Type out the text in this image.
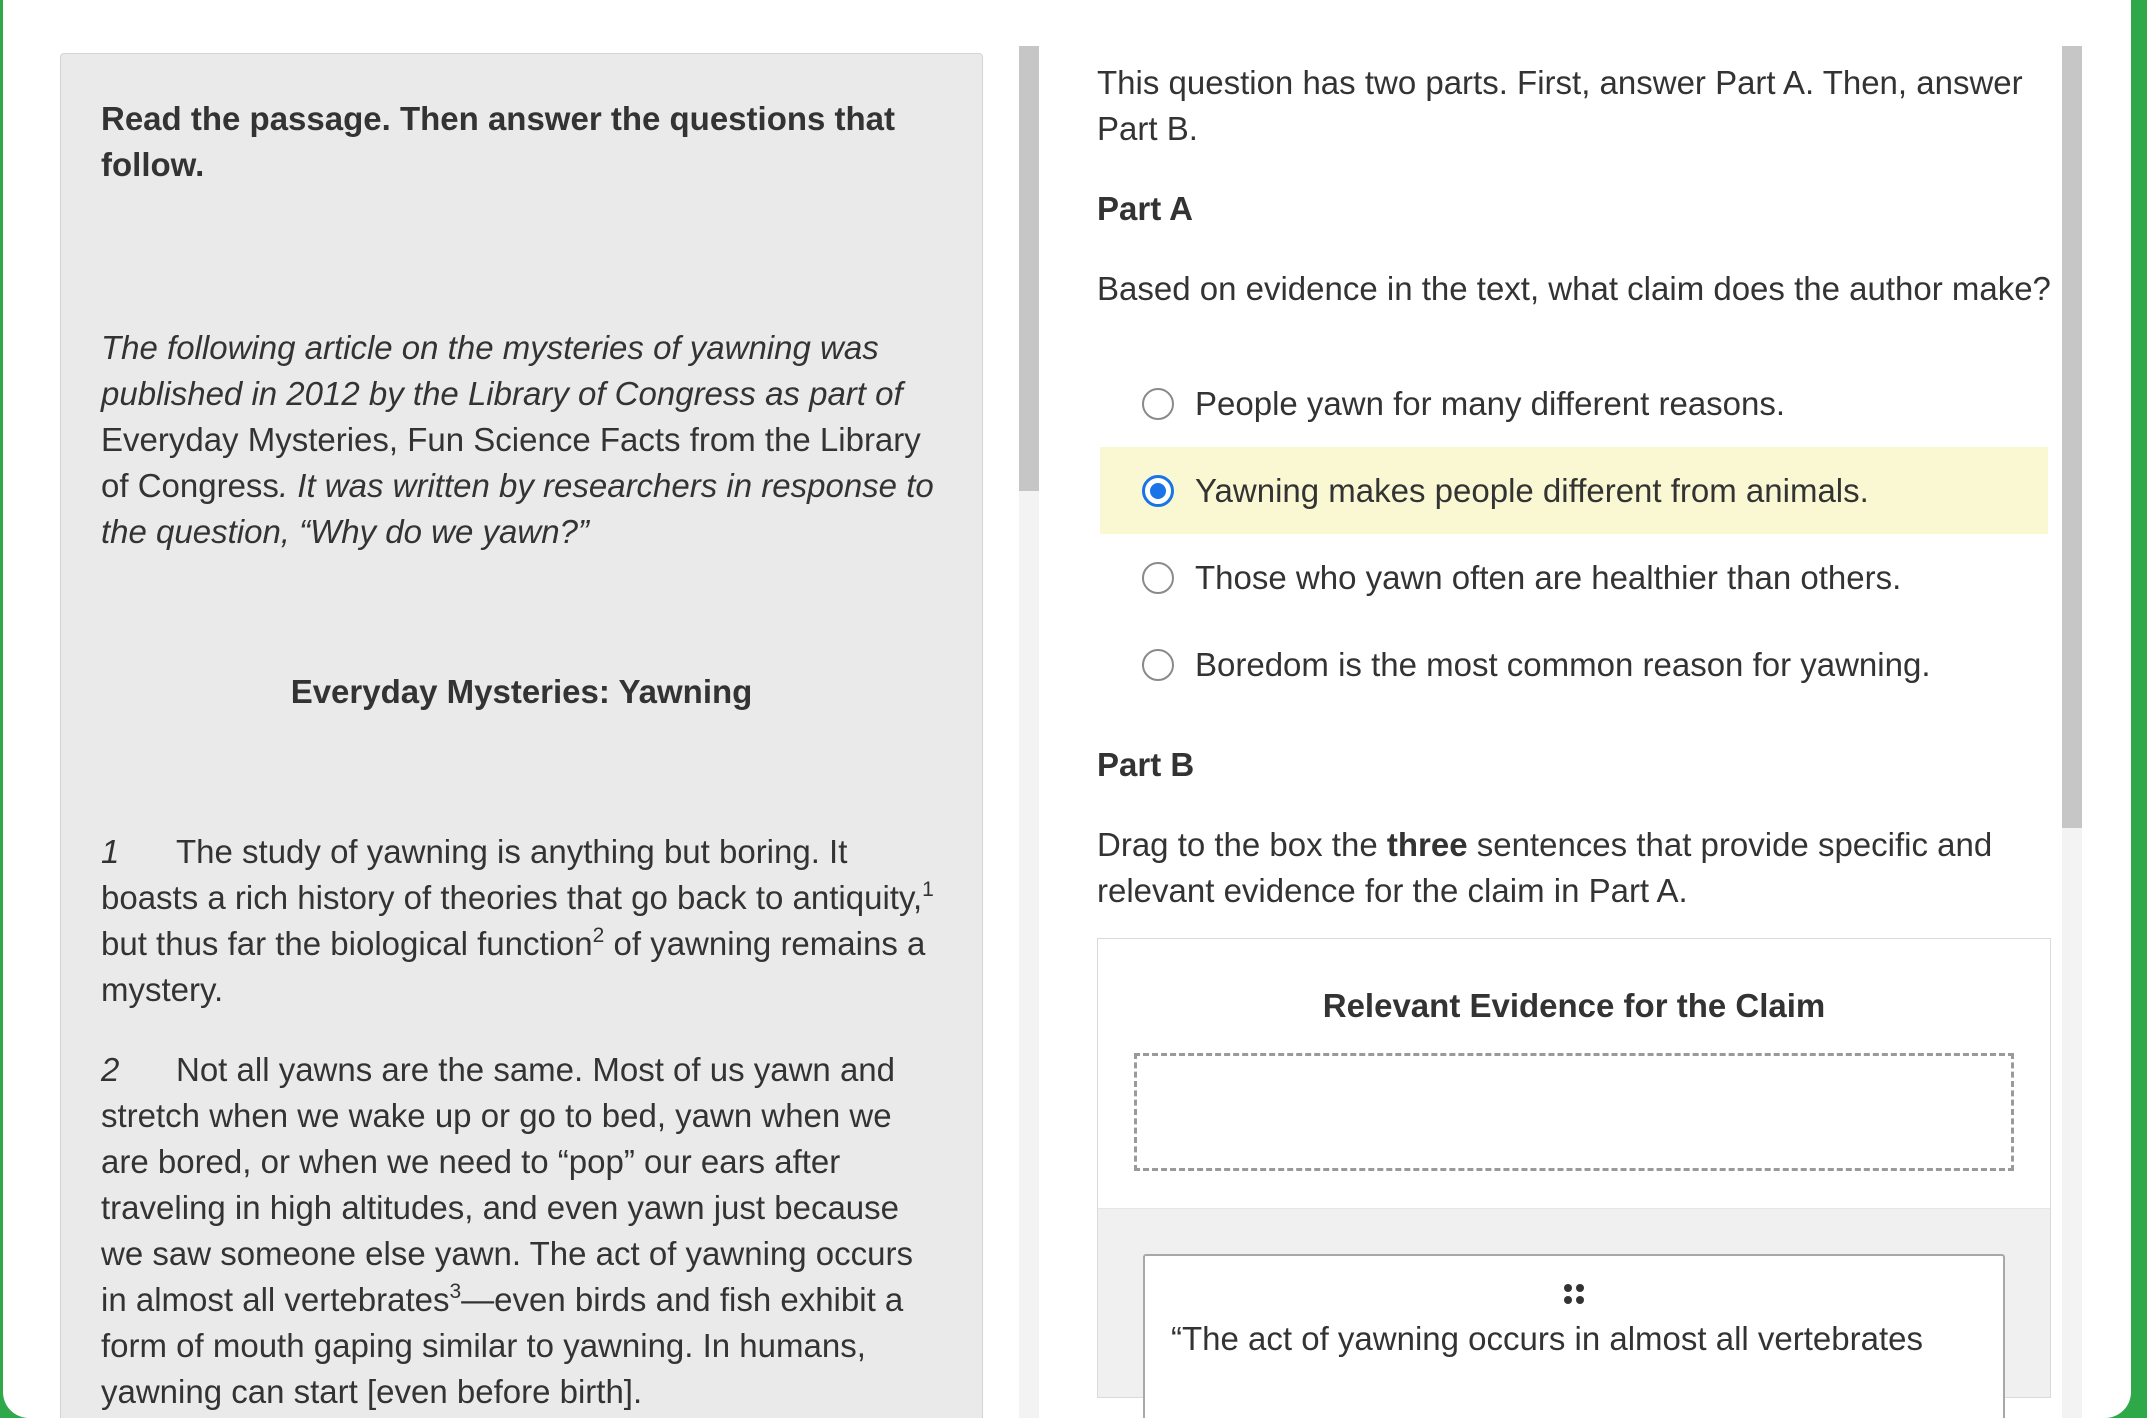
Read the passage. Then answer the questions that follow.
The following article on the mysteries of yawning was published in 2012 by the Library of Congress as part of Everyday Mysteries, Fun Science Facts from the Library of Congress. It was written by researchers in response to the question, “Why do we yawn?”
Everyday Mysteries: Yawning
1 The study of yawning is anything but boring. It boasts a rich history of theories that go back to antiquity,$^1$ but thus far the biological function$^2$ of yawning remains a mystery.
2 Not all yawns are the same. Most of us yawn and stretch when we wake up or go to bed, yawn when we are bored, or when we need to “pop” our ears after traveling in high altitudes, and even yawn just because we saw someone else yawn. The act of yawning occurs in almost all vertebrates$^3$—even birds and fish exhibit a form of mouth gaping similar to yawning. In humans, yawning can start [even before birth].
This question has two parts. First, answer Part A. Then, answer Part B.
Part A
Based on evidence in the text, what claim does the author make?
People yawn for many different reasons.
Yawning makes people different from animals.
Those who yawn often are healthier than others.
Boredom is the most common reason for yawning.
Part B
Drag to the box the three sentences that provide specific and relevant evidence for the claim in Part A.
Relevant Evidence for the Claim
“The act of yawning occurs in almost all vertebrates
